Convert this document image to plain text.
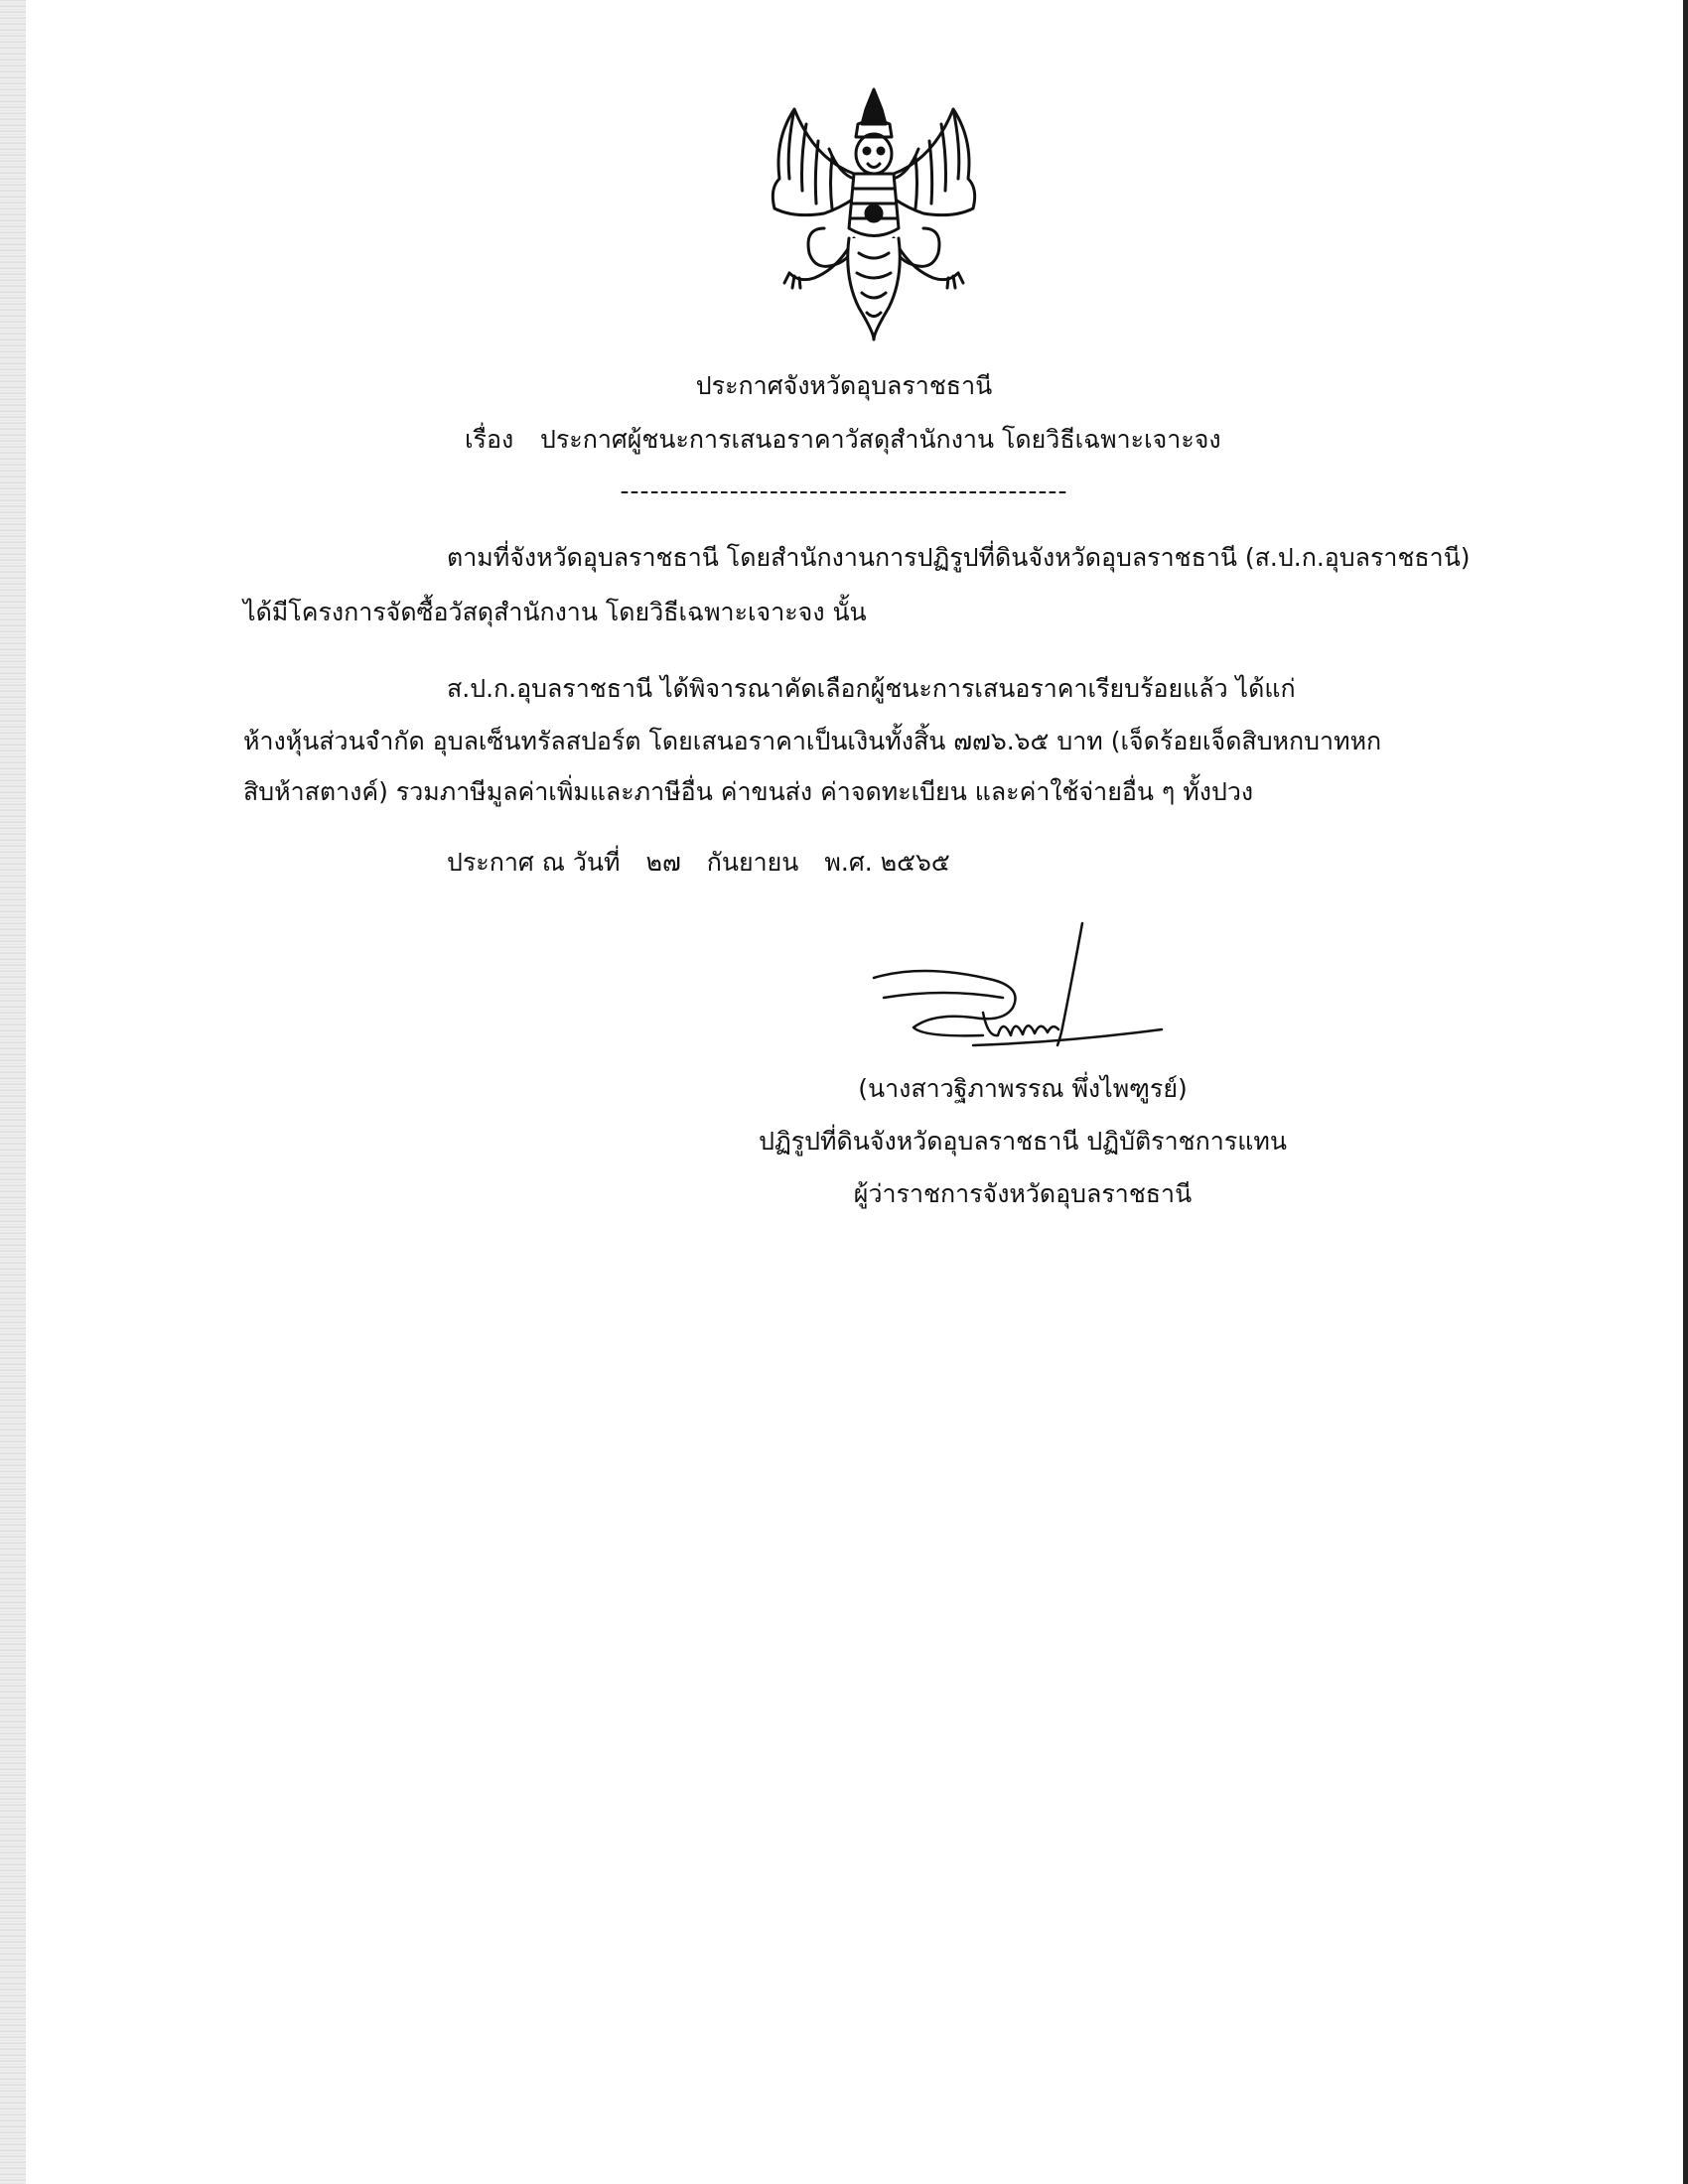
ประกาศจังหวัดอุบลราชธานี
เรื่อง ประกาศผู้ชนะการเสนอราคาวัสดุสำนักงาน โดยวิธีเฉพาะเจาะจง
---------------------------------------------
ตามที่จังหวัดอุบลราชธานี โดยสำนักงานการปฏิรูปที่ดินจังหวัดอุบลราชธานี (ส.ป.ก.อุบลราชธานี)
ได้มีโครงการจัดซื้อวัสดุสำนักงาน โดยวิธีเฉพาะเจาะจง นั้น
ส.ป.ก.อุบลราชธานี ได้พิจารณาคัดเลือกผู้ชนะการเสนอราคาเรียบร้อยแล้ว ได้แก่
ห้างหุ้นส่วนจำกัด อุบลเซ็นทรัลสปอร์ต โดยเสนอราคาเป็นเงินทั้งสิ้น ๗๗๖.๖๕ บาท (เจ็ดร้อยเจ็ดสิบหกบาทหก
สิบห้าสตางค์) รวมภาษีมูลค่าเพิ่มและภาษีอื่น ค่าขนส่ง ค่าจดทะเบียน และค่าใช้จ่ายอื่น ๆ ทั้งปวง
ประกาศ ณ วันที่ ๒๗ กันยายน พ.ศ. ๒๕๖๕
(นางสาวฐิภาพรรณ พึ่งไพฑูรย์)
ปฏิรูปที่ดินจังหวัดอุบลราชธานี ปฏิบัติราชการแทน
ผู้ว่าราชการจังหวัดอุบลราชธานี
